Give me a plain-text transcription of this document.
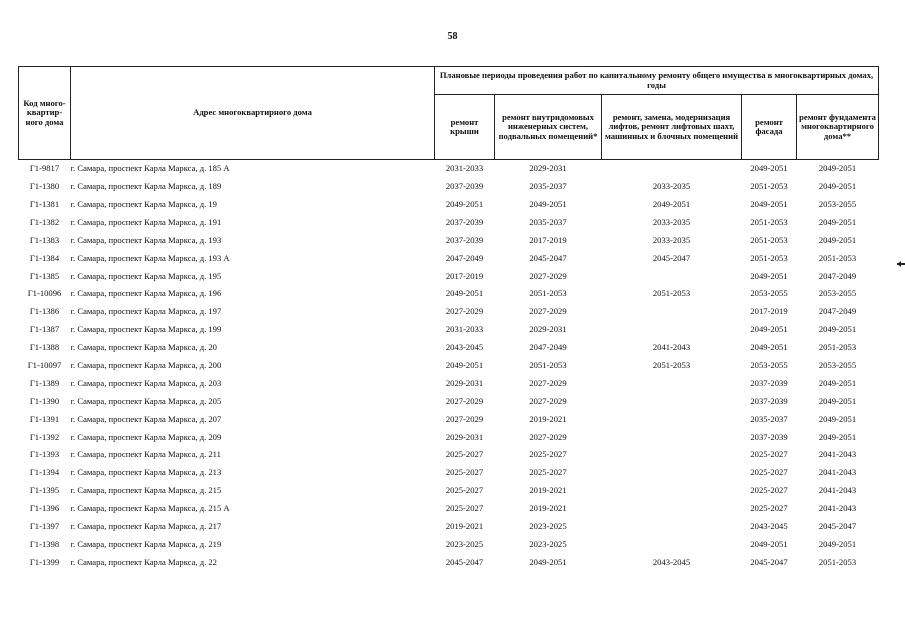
58
Код много-квартир-ного дома	Адрес многоквартирного дома	Плановые периоды проведения работ по капитальному ремонту общего имущества в многоквартирных домах, годы				
		ремонт крыши	ремонт внутридомовых инженерных систем, подвальных помещений*	ремонт, замена, модернизация лифтов, ремонт лифтовых шахт, машинных и блочных помещений	ремонт фасада	ремонт фундамента многоквартирного дома**
Г1-9817	г. Самара, проспект Карла Маркса, д. 185 А	2031-2033	2029-2031		2049-2051	2049-2051
Г1-1380	г. Самара, проспект Карла Маркса, д. 189	2037-2039	2035-2037	2033-2035	2051-2053	2049-2051
Г1-1381	г. Самара, проспект Карла Маркса, д. 19	2049-2051	2049-2051	2049-2051	2049-2051	2053-2055
Г1-1382	г. Самара, проспект Карла Маркса, д. 191	2037-2039	2035-2037	2033-2035	2051-2053	2049-2051
Г1-1383	г. Самара, проспект Карла Маркса, д. 193	2037-2039	2017-2019	2033-2035	2051-2053	2049-2051
Г1-1384	г. Самара, проспект Карла Маркса, д. 193 А	2047-2049	2045-2047	2045-2047	2051-2053	2051-2053
Г1-1385	г. Самара, проспект Карла Маркса, д. 195	2017-2019	2027-2029		2049-2051	2047-2049
Г1-10096	г. Самара, проспект Карла Маркса, д. 196	2049-2051	2051-2053	2051-2053	2053-2055	2053-2055
Г1-1386	г. Самара, проспект Карла Маркса, д. 197	2027-2029	2027-2029		2017-2019	2047-2049
Г1-1387	г. Самара, проспект Карла Маркса, д. 199	2031-2033	2029-2031		2049-2051	2049-2051
Г1-1388	г. Самара, проспект Карла Маркса, д. 20	2043-2045	2047-2049	2041-2043	2049-2051	2051-2053
Г1-10097	г. Самара, проспект Карла Маркса, д. 200	2049-2051	2051-2053	2051-2053	2053-2055	2053-2055
Г1-1389	г. Самара, проспект Карла Маркса, д. 203	2029-2031	2027-2029		2037-2039	2049-2051
Г1-1390	г. Самара, проспект Карла Маркса, д. 205	2027-2029	2027-2029		2037-2039	2049-2051
Г1-1391	г. Самара, проспект Карла Маркса, д. 207	2027-2029	2019-2021		2035-2037	2049-2051
Г1-1392	г. Самара, проспект Карла Маркса, д. 209	2029-2031	2027-2029		2037-2039	2049-2051
Г1-1393	г. Самара, проспект Карла Маркса, д. 211	2025-2027	2025-2027		2025-2027	2041-2043
Г1-1394	г. Самара, проспект Карла Маркса, д. 213	2025-2027	2025-2027		2025-2027	2041-2043
Г1-1395	г. Самара, проспект Карла Маркса, д. 215	2025-2027	2019-2021		2025-2027	2041-2043
Г1-1396	г. Самара, проспект Карла Маркса, д. 215 А	2025-2027	2019-2021		2025-2027	2041-2043
Г1-1397	г. Самара, проспект Карла Маркса, д. 217	2019-2021	2023-2025		2043-2045	2045-2047
Г1-1398	г. Самара, проспект Карла Маркса, д. 219	2023-2025	2023-2025		2049-2051	2049-2051
Г1-1399	г. Самара, проспект Карла Маркса, д. 22	2045-2047	2049-2051	2043-2045	2045-2047	2051-2053
